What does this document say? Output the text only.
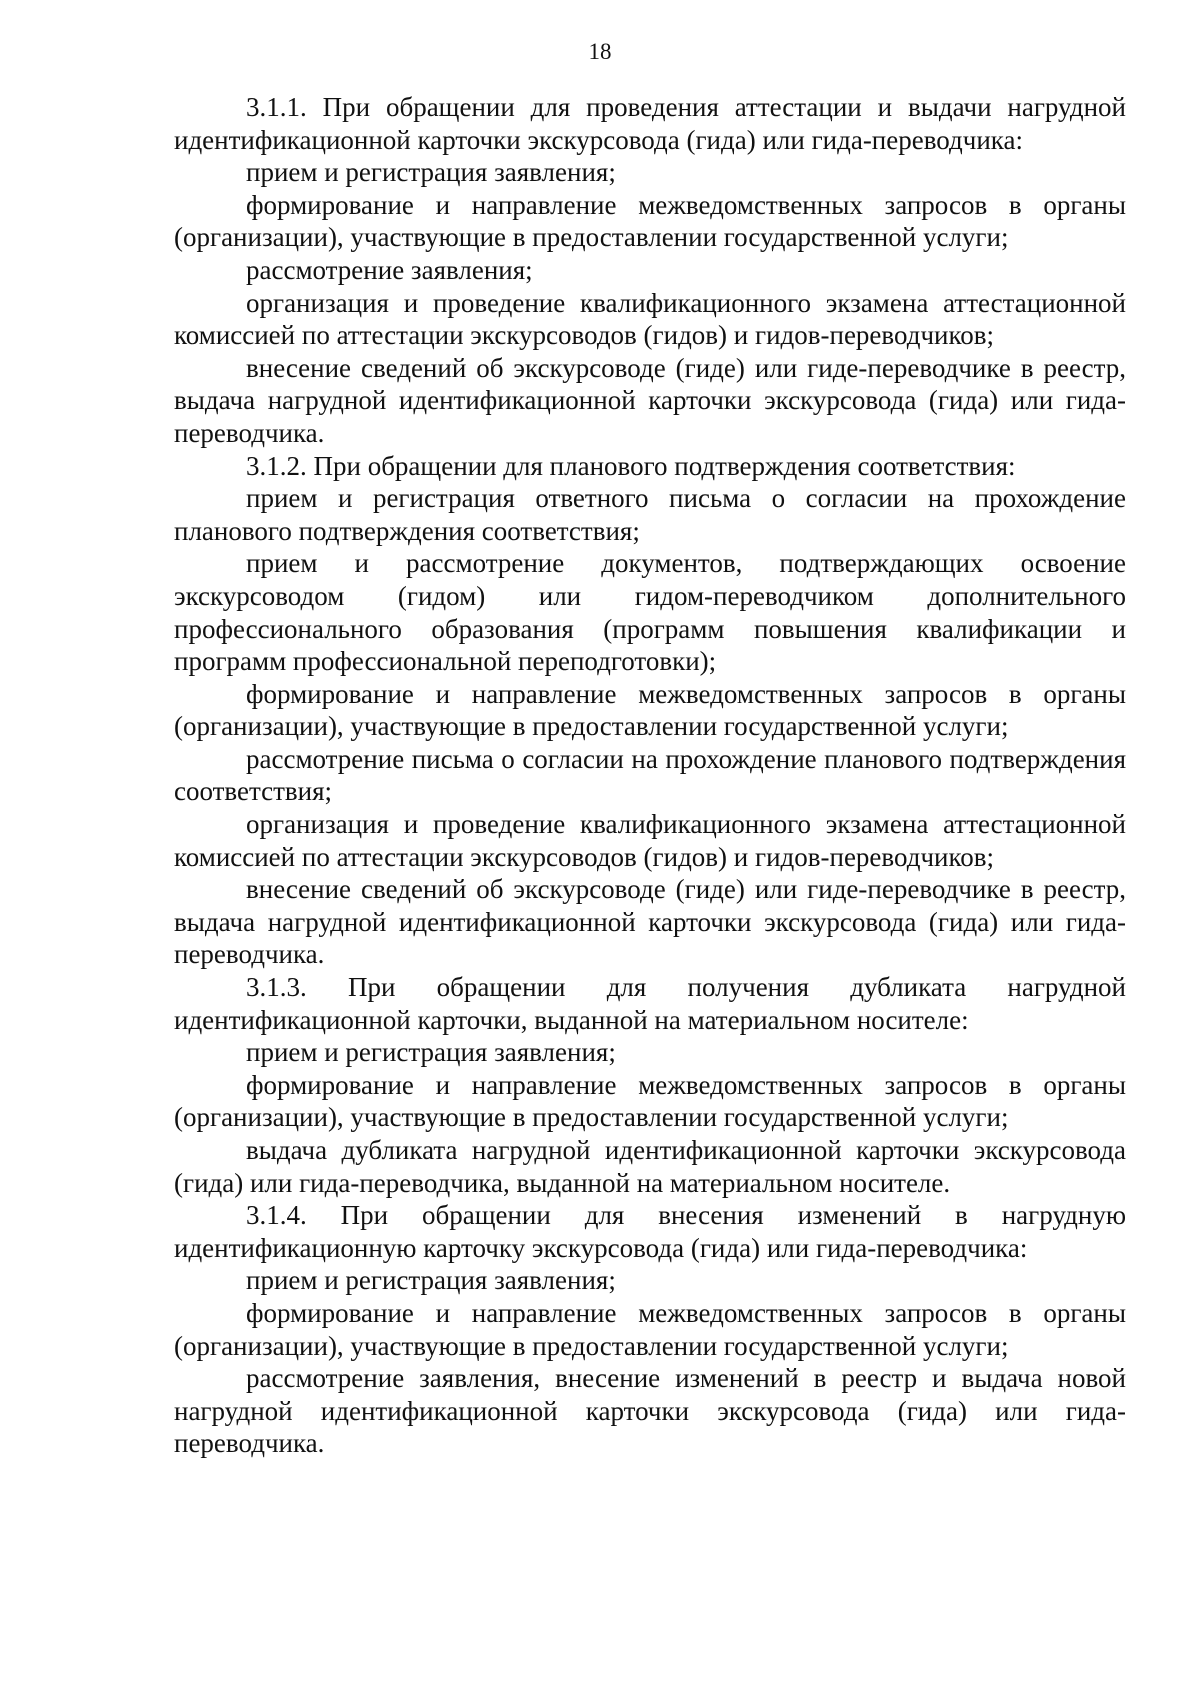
18

3.1.1. При обращении для проведения аттестации и выдачи нагрудной идентификационной карточки экскурсовода (гида) или гида-переводчика:

прием и регистрация заявления;

формирование и направление межведомственных запросов в органы (организации), участвующие в предоставлении государственной услуги;

рассмотрение заявления;

организация и проведение квалификационного экзамена аттестационной комиссией по аттестации экскурсоводов (гидов) и гидов-переводчиков;

внесение сведений об экскурсоводе (гиде) или гиде-переводчике в реестр, выдача нагрудной идентификационной карточки экскурсовода (гида) или гида-переводчика.

3.1.2. При обращении для планового подтверждения соответствия:

прием и регистрация ответного письма о согласии на прохождение планового подтверждения соответствия;

прием и рассмотрение документов, подтверждающих освоение экскурсоводом (гидом) или гидом-переводчиком дополнительного профессионального образования (программ повышения квалификации и программ профессиональной переподготовки);

формирование и направление межведомственных запросов в органы (организации), участвующие в предоставлении государственной услуги;

рассмотрение письма о согласии на прохождение планового подтверждения соответствия;

организация и проведение квалификационного экзамена аттестационной комиссией по аттестации экскурсоводов (гидов) и гидов-переводчиков;

внесение сведений об экскурсоводе (гиде) или гиде-переводчике в реестр, выдача нагрудной идентификационной карточки экскурсовода (гида) или гида-переводчика.

3.1.3. При обращении для получения дубликата нагрудной идентификационной карточки, выданной на материальном носителе:

прием и регистрация заявления;

формирование и направление межведомственных запросов в органы (организации), участвующие в предоставлении государственной услуги;

выдача дубликата нагрудной идентификационной карточки экскурсовода (гида) или гида-переводчика, выданной на материальном носителе.

3.1.4. При обращении для внесения изменений в нагрудную идентификационную карточку экскурсовода (гида) или гида-переводчика:

прием и регистрация заявления;

формирование и направление межведомственных запросов в органы (организации), участвующие в предоставлении государственной услуги;

рассмотрение заявления, внесение изменений в реестр и выдача новой нагрудной идентификационной карточки экскурсовода (гида) или гида-переводчика.
